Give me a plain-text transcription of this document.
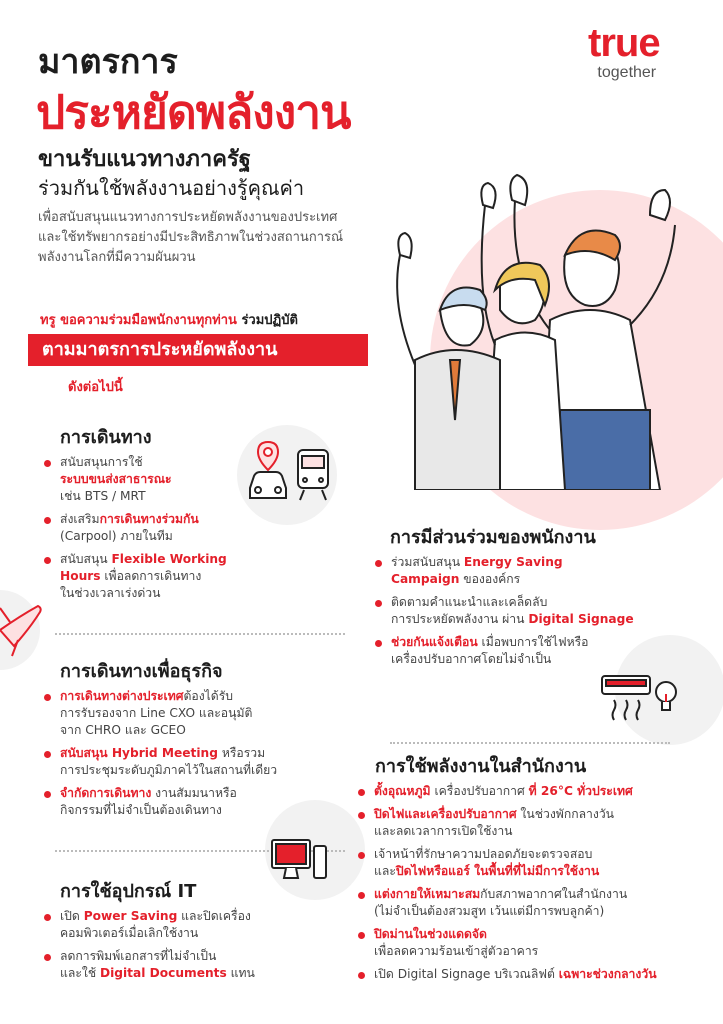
true
together
มาตรการ
ประหยัดพลังงาน
ขานรับแนวทางภาครัฐ
ร่วมกันใช้พลังงานอย่างรู้คุณค่า
เพื่อสนับสนุนแนวทางการประหยัดพลังงานของประเทศ
และใช้ทรัพยากรอย่างมีประสิทธิภาพในช่วงสถานการณ์
พลังงานโลกที่มีความผันผวน
ทรู ขอความร่วมมือพนักงานทุกท่าน ร่วมปฏิบัติ
ตามมาตรการประหยัดพลังงาน
ดังต่อไปนี้
การเดินทาง
สนับสนุนการใช้
ระบบขนส่งสาธารณะ
เช่น BTS / MRT
ส่งเสริมการเดินทางร่วมกัน
(Carpool) ภายในทีม
สนับสนุน Flexible Working
Hours เพื่อลดการเดินทาง
ในช่วงเวลาเร่งด่วน
การเดินทางเพื่อธุรกิจ
การเดินทางต่างประเทศต้องได้รับ
การรับรองจาก Line CXO และอนุมัติ
จาก CHRO และ GCEO
สนับสนุน Hybrid Meeting หรือรวม
การประชุมระดับภูมิภาคไว้ในสถานที่เดียว
จำกัดการเดินทาง งานสัมมนาหรือ
กิจกรรมที่ไม่จำเป็นต้องเดินทาง
การใช้อุปกรณ์ IT
เปิด Power Saving และปิดเครื่อง
คอมพิวเตอร์เมื่อเลิกใช้งาน
ลดการพิมพ์เอกสารที่ไม่จำเป็น
และใช้ Digital Documents แทน
การมีส่วนร่วมของพนักงาน
ร่วมสนับสนุน Energy Saving
Campaign ขององค์กร
ติดตามคำแนะนำและเคล็ดลับ
การประหยัดพลังงาน ผ่าน Digital Signage
ช่วยกันแจ้งเตือน เมื่อพบการใช้ไฟหรือ
เครื่องปรับอากาศโดยไม่จำเป็น
การใช้พลังงานในสำนักงาน
ตั้งอุณหภูมิ เครื่องปรับอากาศ ที่ 26°C ทั่วประเทศ
ปิดไฟและเครื่องปรับอากาศ ในช่วงพักกลางวัน
และลดเวลาการเปิดใช้งาน
เจ้าหน้าที่รักษาความปลอดภัยจะตรวจสอบ
และปิดไฟหรือแอร์ ในพื้นที่ที่ไม่มีการใช้งาน
แต่งกายให้เหมาะสมกับสภาพอากาศในสำนักงาน
(ไม่จำเป็นต้องสวมสูท เว้นแต่มีการพบลูกค้า)
ปิดม่านในช่วงแดดจัด
เพื่อลดความร้อนเข้าสู่ตัวอาคาร
เปิด Digital Signage บริเวณลิฟต์ เฉพาะช่วงกลางวัน
